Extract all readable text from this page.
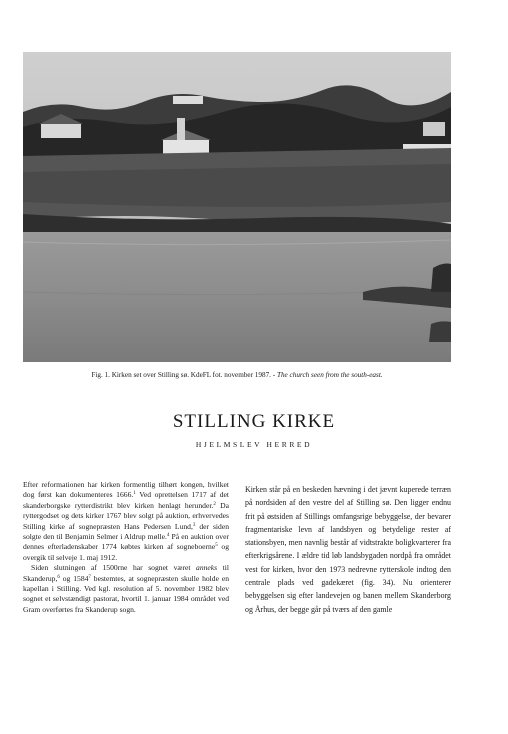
Fig. 1. Kirken set over Stilling sø. KdeFL fot. november 1987. - The church seen from the south-east.
STILLING KIRKE
HJELMSLEV HERRED

Efter reformationen har kirken formentlig tilhørt kongen, hvilket dog først kan dokumenteres 1666.$^1$ Ved oprettelsen 1717 af det skanderborgske rytterdistrikt blev kirken henlagt herunder.$^2$ Da ryttergodset og dets kirker 1767 blev solgt på auktion, erhvervedes Stilling kirke af sognepræsten Hans Pedersen Lund,$^3$ der siden solgte den til Benjamin Selmer i Aldrup mølle.$^4$ På en auktion over dennes efterladenskaber 1774 købtes kirken af sogneboerne$^5$ og overgik til selveje 1. maj 1912.

Siden slutningen af 1500rne har sognet været anneks til Skanderup,$^6$ og 1584$^7$ bestemtes, at sognepræsten skulle holde en kapellan i Stilling. Ved kgl. resolution af 5. november 1982 blev sognet et selvstændigt pastorat, hvortil 1. januar 1984 området ved Gram overførtes fra Skanderup sogn.

Kirken står på en beskeden hævning i det jævnt kuperede terræn på nordsiden af den vestre del af Stilling sø. Den ligger endnu frit på østsiden af Stillings omfangsrige bebyggelse, der bevarer fragmentariske levn af landsbyen og betydelige rester af stationsbyen, men navnlig består af vidtstrakte boligkvarterer fra efterkrigsårene. I ældre tid løb landsbygaden nordpå fra området vest for kirken, hvor den 1973 nedrevne rytterskole indtog den centrale plads ved gadekæret (fig. 34). Nu orienterer bebyggelsen sig efter landevejen og banen mellem Skanderborg og Århus, der begge går på tværs af den gamle
